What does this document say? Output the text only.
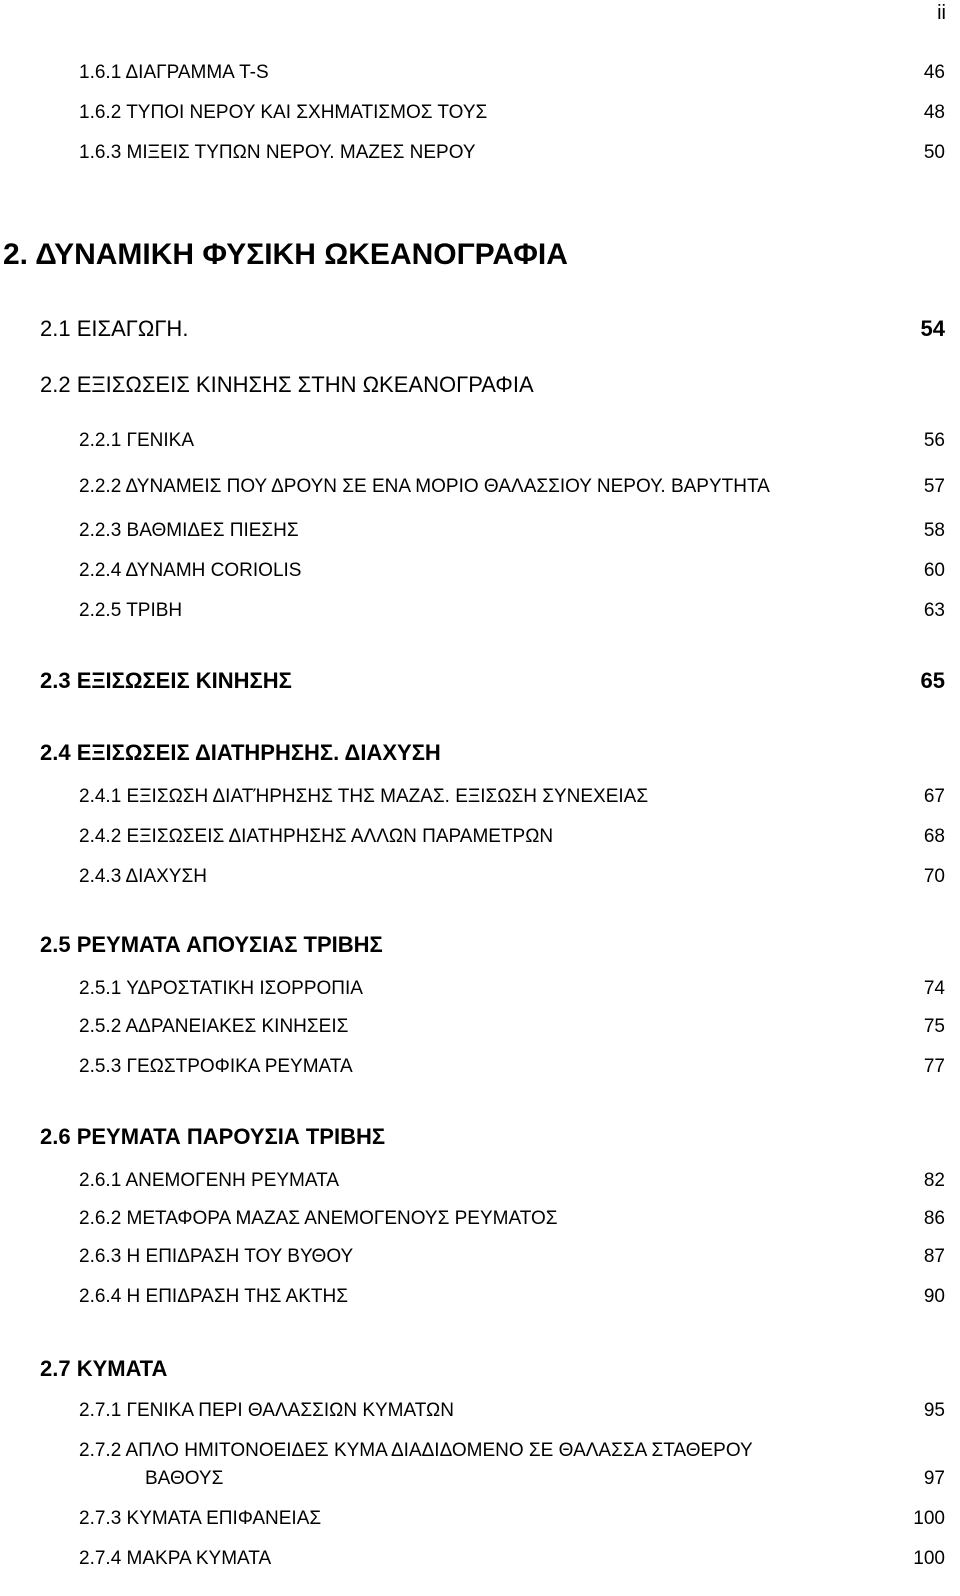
ii
1.6.1 ΔΙΑΓΡΑΜΜΑ T-S	46
1.6.2 ΤΥΠΟΙ ΝΕΡΟΥ ΚΑΙ ΣΧΗΜΑΤΙΣΜΟΣ ΤΟΥΣ	48
1.6.3 ΜΙΞΕΙΣ ΤΥΠΩΝ ΝΕΡΟΥ. ΜΑΖΕΣ ΝΕΡΟΥ	50
2. ΔΥΝΑΜΙΚΗ ΦΥΣΙΚΗ ΩΚΕΑΝΟΓΡΑΦΙΑ
2.1 ΕΙΣΑΓΩΓΗ.	54
2.2 ΕΞΙΣΩΣΕΙΣ ΚΙΝΗΣΗΣ ΣΤΗΝ ΩΚΕΑΝΟΓΡΑΦΙΑ
2.2.1 ΓΕΝΙΚΑ	56
2.2.2 ΔΥΝΑΜΕΙΣ ΠΟΥ ΔΡΟΥΝ ΣΕ ΕΝΑ ΜΟΡΙΟ ΘΑΛΑΣΣΙΟΥ ΝΕΡΟΥ. ΒΑΡΥΤΗΤΑ	57
2.2.3 ΒΑΘΜΙΔΕΣ ΠΙΕΣΗΣ	58
2.2.4 ΔΥΝΑΜΗ CORIOLIS	60
2.2.5 ΤΡΙΒΗ	63
2.3 ΕΞΙΣΩΣΕΙΣ ΚΙΝΗΣΗΣ	65
2.4 ΕΞΙΣΩΣΕΙΣ ΔΙΑΤΗΡΗΣΗΣ. ΔΙΑΧΥΣΗ
2.4.1 ΕΞΙΣΩΣΗ ΔΙΑΤΉΡΗΣΗΣ ΤΗΣ ΜΑΖΑΣ. ΕΞΙΣΩΣΗ ΣΥΝΕΧΕΙΑΣ	67
2.4.2 ΕΞΙΣΩΣΕΙΣ ΔΙΑΤΗΡΗΣΗΣ ΑΛΛΩΝ ΠΑΡΑΜΕΤΡΩΝ	68
2.4.3 ΔΙΑΧΥΣΗ	70
2.5 ΡΕΥΜΑΤΑ ΑΠΟΥΣΙΑΣ ΤΡΙΒΗΣ
2.5.1 ΥΔΡΟΣΤΑΤΙΚΗ ΙΣΟΡΡΟΠΙΑ	74
2.5.2 ΑΔΡΑΝΕΙΑΚΕΣ ΚΙΝΗΣΕΙΣ	75
2.5.3 ΓΕΩΣΤΡΟΦΙΚΑ ΡΕΥΜΑΤΑ	77
2.6 ΡΕΥΜΑΤΑ ΠΑΡΟΥΣΙΑ ΤΡΙΒΗΣ
2.6.1 ΑΝΕΜΟΓΕΝΗ ΡΕΥΜΑΤΑ	82
2.6.2 ΜΕΤΑΦΟΡΑ ΜΑΖΑΣ ΑΝΕΜΟΓΕΝΟΥΣ ΡΕΥΜΑΤΟΣ	86
2.6.3 Η ΕΠΙΔΡΑΣΗ ΤΟΥ ΒΥΘΟΥ	87
2.6.4 Η ΕΠΙΔΡΑΣΗ ΤΗΣ ΑΚΤΗΣ	90
2.7 ΚΥΜΑΤΑ
2.7.1 ΓΕΝΙΚΑ ΠΕΡΙ ΘΑΛΑΣΣΙΩΝ ΚΥΜΑΤΩΝ	95
2.7.2 ΑΠΛΟ ΗΜΙΤΟΝΟΕΙΔΕΣ ΚΥΜΑ ΔΙΑΔΙΔΟΜΕΝΟ ΣΕ ΘΑΛΑΣΣΑ ΣΤΑΘΕΡΟΥ
ΒΑΘΟΥΣ	97
2.7.3 ΚΥΜΑΤΑ ΕΠΙΦΑΝΕΙΑΣ	100
2.7.4 ΜΑΚΡΑ ΚΥΜΑΤΑ	100
